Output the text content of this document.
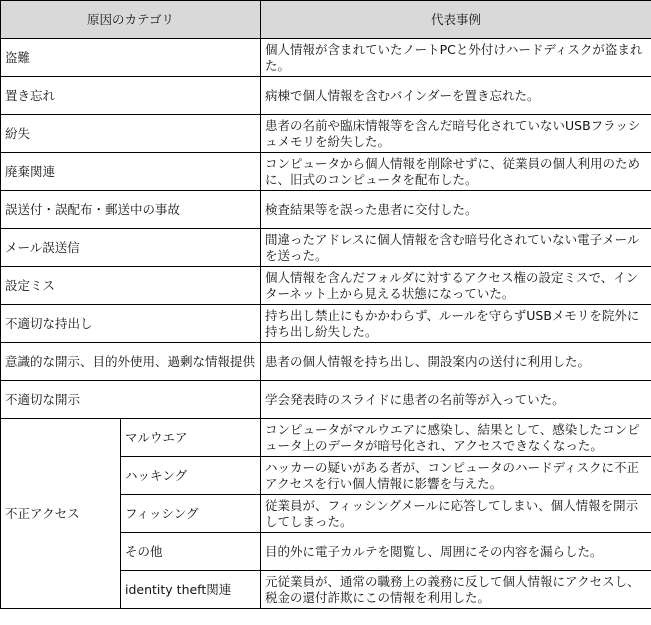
原因のカテゴリ		代表事例
盗難		個人情報が含まれていたノートPCと外付けハードディスクが盗まれた。
置き忘れ		病棟で個人情報を含むバインダーを置き忘れた。
紛失		患者の名前や臨床情報等を含んだ暗号化されていないUSBフラッシュメモリを紛失した。
廃棄関連		コンピュータから個人情報を削除せずに、従業員の個人利用のために、旧式のコンピュータを配布した。
誤送付・誤配布・郵送中の事故		検査結果等を誤った患者に交付した。
メール誤送信		間違ったアドレスに個人情報を含む暗号化されていない電子メールを送った。
設定ミス		個人情報を含んだフォルダに対するアクセス権の設定ミスで、インターネット上から見える状態になっていた。
不適切な持出し		持ち出し禁止にもかかわらず、ルールを守らずUSBメモリを院外に持ち出し紛失した。
意識的な開示、目的外使用、過剰な情報提供		患者の個人情報を持ち出し、開設案内の送付に利用した。
不適切な開示		学会発表時のスライドに患者の名前等が入っていた。
不正アクセス	マルウエア	コンピュータがマルウエアに感染し、結果として、感染したコンピュータ上のデータが暗号化され、アクセスできなくなった。
	ハッキング	ハッカーの疑いがある者が、コンピュータのハードディスクに不正アクセスを行い個人情報に影響を与えた。
	フィッシング	従業員が、フィッシングメールに応答してしまい、個人情報を開示してしまった。
	その他	目的外に電子カルテを閲覧し、周囲にその内容を漏らした。
	identity theft関連	元従業員が、通常の職務上の義務に反して個人情報にアクセスし、税金の還付詐欺にこの情報を利用した。
